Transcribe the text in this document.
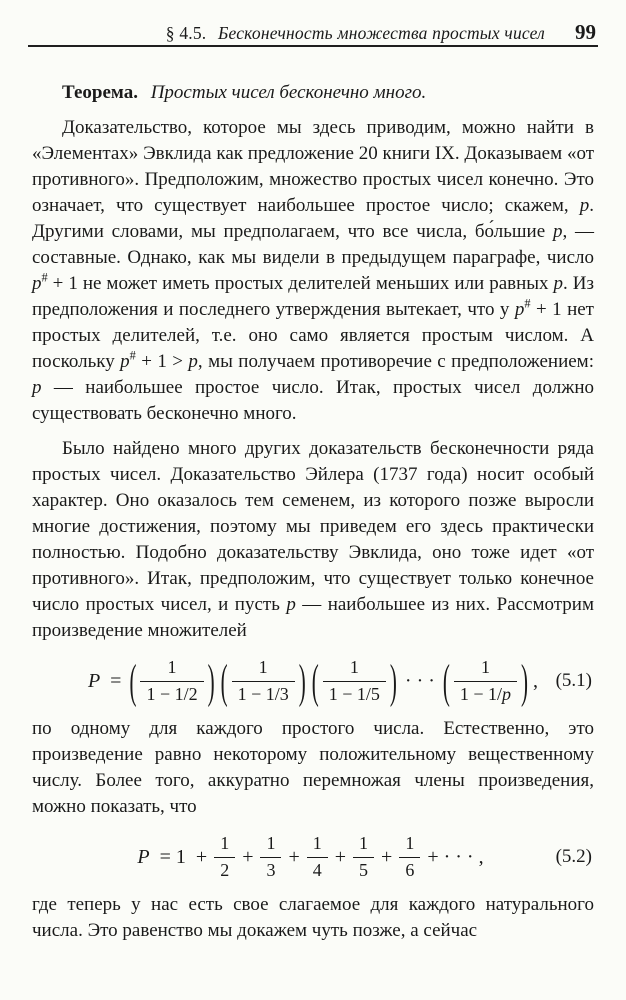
§ 4.5. Бесконечность множества простых чисел	99

Теорема. Простых чисел бесконечно много.

Доказательство, которое мы здесь приводим, можно найти в «Элементах» Эвклида как предложение 20 книги IX. Доказываем «от противного». Предположим, множество простых чисел конечно. Это означает, что существует наибольшее простое число; скажем, p. Другими словами, мы предполагаем, что все числа, бо́льшие p, — составные. Однако, как мы видели в предыдущем параграфе, число p# + 1 не может иметь простых делителей меньших или равных p. Из предположения и последнего утверждения вытекает, что у p# + 1 нет простых делителей, т.е. оно само является простым числом. А поскольку p# + 1 > p, мы получаем противоречие с предположением: p — наибольшее простое число. Итак, простых чисел должно существовать бесконечно много.

Было найдено много других доказательств бесконечности ряда простых чисел. Доказательство Эйлера (1737 года) носит особый характер. Оно оказалось тем семенем, из которого позже выросли многие достижения, поэтому мы приведем его здесь практически полностью. Подобно доказательству Эвклида, оно тоже идет «от противного». Итак, предположим, что существует только конечное число простых чисел, и пусть p — наибольшее из них. Рассмотрим произведение множителей

P = ( $\frac{1}{1 - 1/2}$ ) ( $\frac{1}{1 - 1/3}$ ) ( $\frac{1}{1 - 1/5}$ ) · · · ( $\frac{1}{1 - 1/p}$ ) , (5.1)

по одному для каждого простого числа. Естественно, это произведение равно некоторому положительному вещественному числу. Более того, аккуратно перемножая члены произведения, можно показать, что

$P = 1 + \frac{1}{2} + \frac{1}{3} + \frac{1}{4} + \frac{1}{5} + \frac{1}{6}$ + · · · ,	(5.2)

где теперь у нас есть свое слагаемое для каждого натурального числа. Это равенство мы докажем чуть позже, а сейчас
